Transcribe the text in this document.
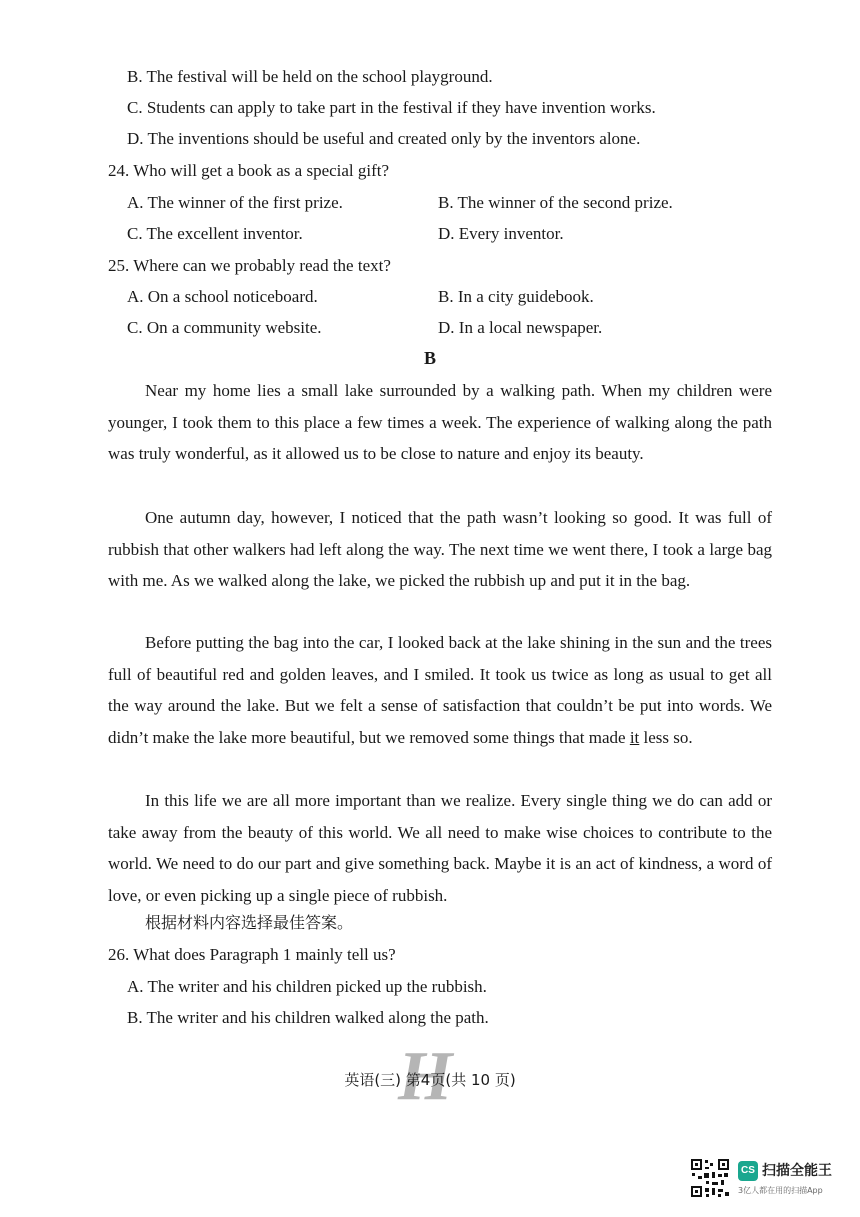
B. The festival will be held on the school playground.
C. Students can apply to take part in the festival if they have invention works.
D. The inventions should be useful and created only by the inventors alone.
24. Who will get a book as a special gift?
A. The winner of the first prize.	B. The winner of the second prize.
C. The excellent inventor.	D. Every inventor.
25. Where can we probably read the text?
A. On a school noticeboard.	B. In a city guidebook.
C. On a community website.	D. In a local newspaper.
B

Near my home lies a small lake surrounded by a walking path. When my children were younger, I took them to this place a few times a week. The experience of walking along the path was truly wonderful, as it allowed us to be close to nature and enjoy its beauty.

One autumn day, however, I noticed that the path wasn’t looking so good. It was full of rubbish that other walkers had left along the way. The next time we went there, I took a large bag with me. As we walked along the lake, we picked the rubbish up and put it in the bag.

Before putting the bag into the car, I looked back at the lake shining in the sun and the trees full of beautiful red and golden leaves, and I smiled. It took us twice as long as usual to get all the way around the lake. But we felt a sense of satisfaction that couldn’t be put into words. We didn’t make the lake more beautiful, but we removed some things that made it less so.

In this life we are all more important than we realize. Every single thing we do can add or take away from the beauty of this world. We all need to make wise choices to contribute to the world. We need to do our part and give something back. Maybe it is an act of kindness, a word of love, or even picking up a single piece of rubbish.

根据材料内容选择最佳答案。
26. What does Paragraph 1 mainly tell us?
A. The writer and his children picked up the rubbish.
B. The writer and his children walked along the path.
H
英语(三) 第4页(共 10 页)
CS 扫描全能王
3亿人都在用的扫描App
